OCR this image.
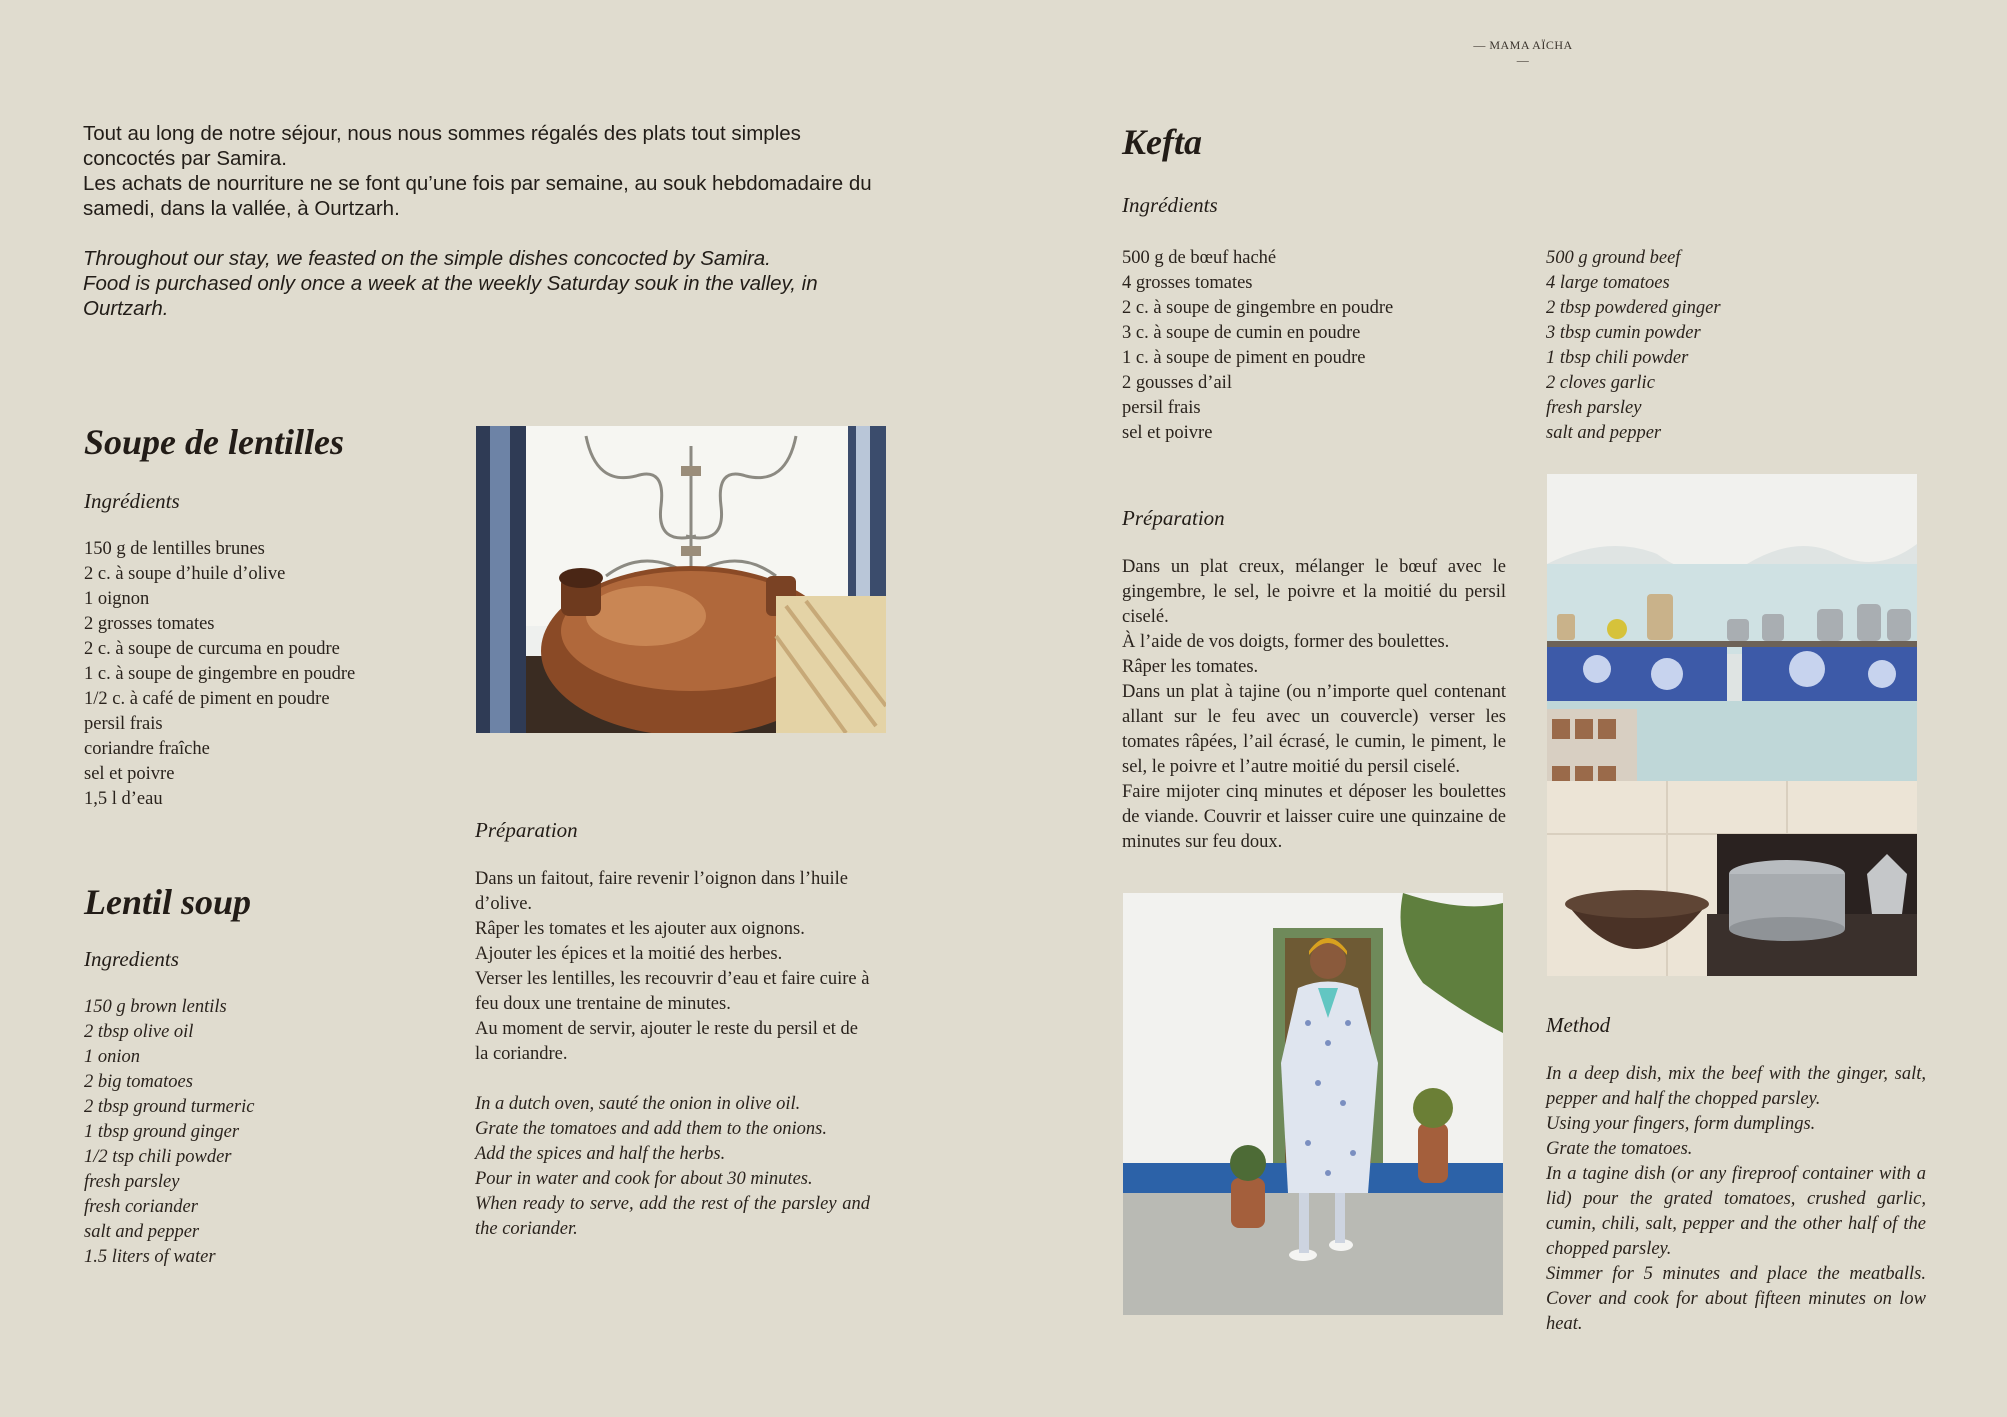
— MAMA AÏCHA —

Tout au long de notre séjour, nous nous sommes régalés des plats tout simples concoctés par Samira.

Les achats de nourriture ne se font qu’une fois par semaine, au souk hebdomadaire du samedi, dans la vallée, à Ourtzarh.

Throughout our stay, we feasted on the simple dishes concocted by Samira.

Food is purchased only once a week at the weekly Saturday souk in the valley, in Ourtzarh.

Soupe de lentilles
Ingrédients
150 g de lentilles brunes
2 c. à soupe d’huile d’olive
1 oignon
2 grosses tomates
2 c. à soupe de curcuma en poudre
1 c. à soupe de gingembre en poudre
1/2 c. à café de piment en poudre
persil frais
coriandre fraîche
sel et poivre
1,5 l d’eau
Lentil soup
Ingredients
150 g brown lentils
2 tbsp olive oil
1 onion
2 big tomatoes
2 tbsp ground turmeric
1 tbsp ground ginger
1/2 tsp chili powder
fresh parsley
fresh coriander
salt and pepper
1.5 liters of water
Préparation

Dans un faitout, faire revenir l’oignon dans l’huile d’olive.

Râper les tomates et les ajouter aux oignons.

Ajouter les épices et la moitié des herbes.

Verser les lentilles, les recouvrir d’eau et faire cuire à feu doux une trentaine de minutes.

Au moment de servir, ajouter le reste du persil et de la coriandre.

In a dutch oven, sauté the onion in olive oil.

Grate the tomatoes and add them to the onions.

Add the spices and half the herbs.

Pour in water and cook for about 30 minutes.

When ready to serve, add the rest of the parsley and the coriander.

Kefta
Ingrédients
500 g de bœuf haché
4 grosses tomates
2 c. à soupe de gingembre en poudre
3 c. à soupe de cumin en poudre
1 c. à soupe de piment en poudre
2 gousses d’ail
persil frais
sel et poivre
500 g ground beef
4 large tomatoes
2 tbsp powdered ginger
3 tbsp cumin powder
1 tbsp chili powder
2 cloves garlic
fresh parsley
salt and pepper
Préparation

Dans un plat creux, mélanger le bœuf avec le gingembre, le sel, le poivre et la moitié du persil ciselé.

À l’aide de vos doigts, former des boulettes.

Râper les tomates.

Dans un plat à tajine (ou n’importe quel contenant allant sur le feu avec un couvercle) verser les tomates râpées, l’ail écrasé, le cumin, le piment, le sel, le poivre et l’autre moitié du persil ciselé.

Faire mijoter cinq minutes et déposer les boulettes de viande. Couvrir et laisser cuire une quinzaine de minutes sur feu doux.

Method

In a deep dish, mix the beef with the ginger, salt, pepper and half the chopped parsley.

Using your fingers, form dumplings.

Grate the tomatoes.

In a tagine dish (or any fireproof container with a lid) pour the grated tomatoes, crushed garlic, cumin, chili, salt, pepper and the other half of the chopped parsley.

Simmer for 5 minutes and place the meatballs. Cover and cook for about fifteen minutes on low heat.
